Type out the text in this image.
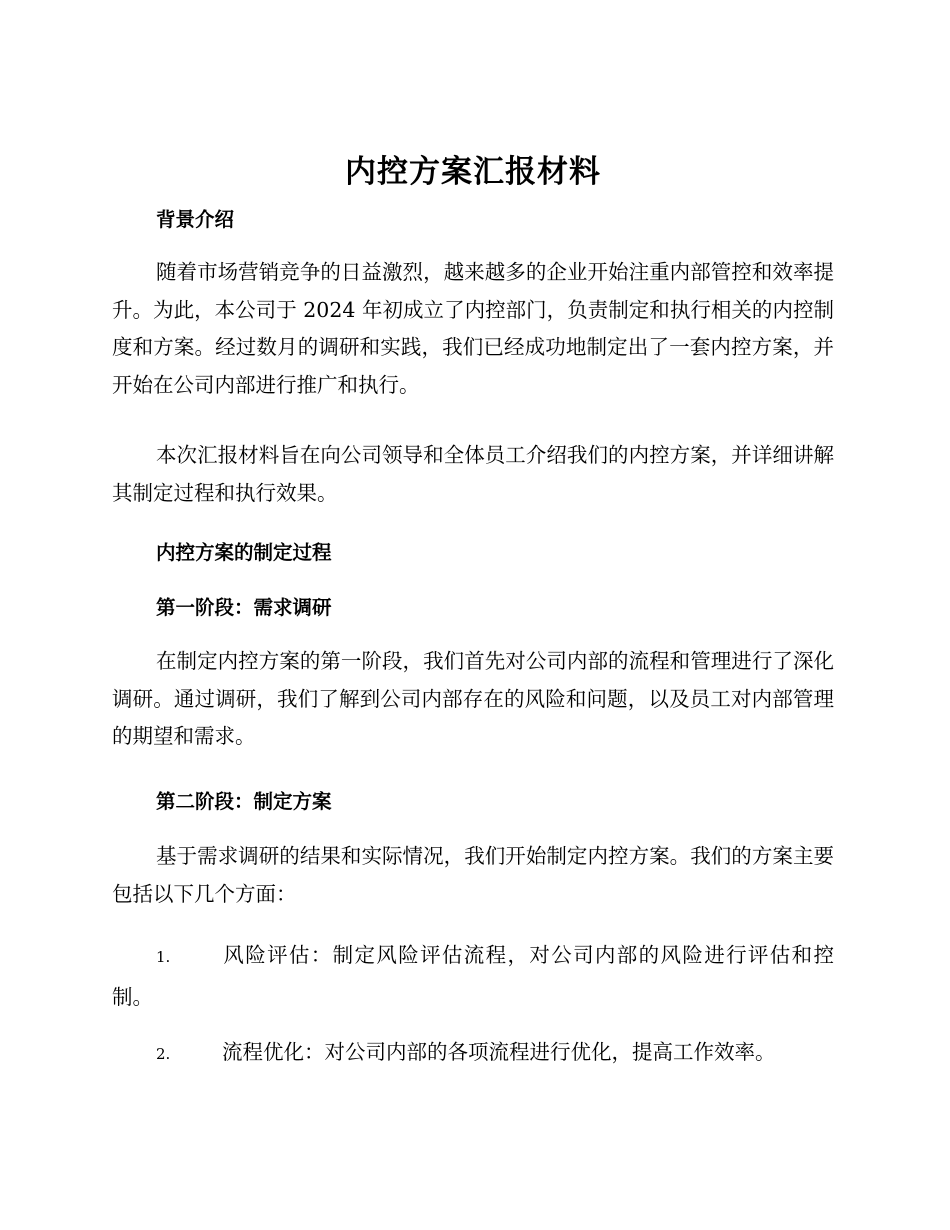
内控方案汇报材料
背景介绍
随着市场营销竞争的日益激烈，越来越多的企业开始注重内部管控和效率提升。为此，本公司于 2024 年初成立了内控部门，负责制定和执行相关的内控制度和方案。经过数月的调研和实践，我们已经成功地制定出了一套内控方案，并开始在公司内部进行推广和执行。
本次汇报材料旨在向公司领导和全体员工介绍我们的内控方案，并详细讲解其制定过程和执行效果。
内控方案的制定过程
第一阶段：需求调研
在制定内控方案的第一阶段，我们首先对公司内部的流程和管理进行了深化调研。通过调研，我们了解到公司内部存在的风险和问题，以及员工对内部管理的期望和需求。
第二阶段：制定方案
基于需求调研的结果和实际情况，我们开始制定内控方案。我们的方案主要包括以下几个方面：
1.	风险评估：制定风险评估流程，对公司内部的风险进行评估和控制。
2.	流程优化：对公司内部的各项流程进行优化，提高工作效率。
